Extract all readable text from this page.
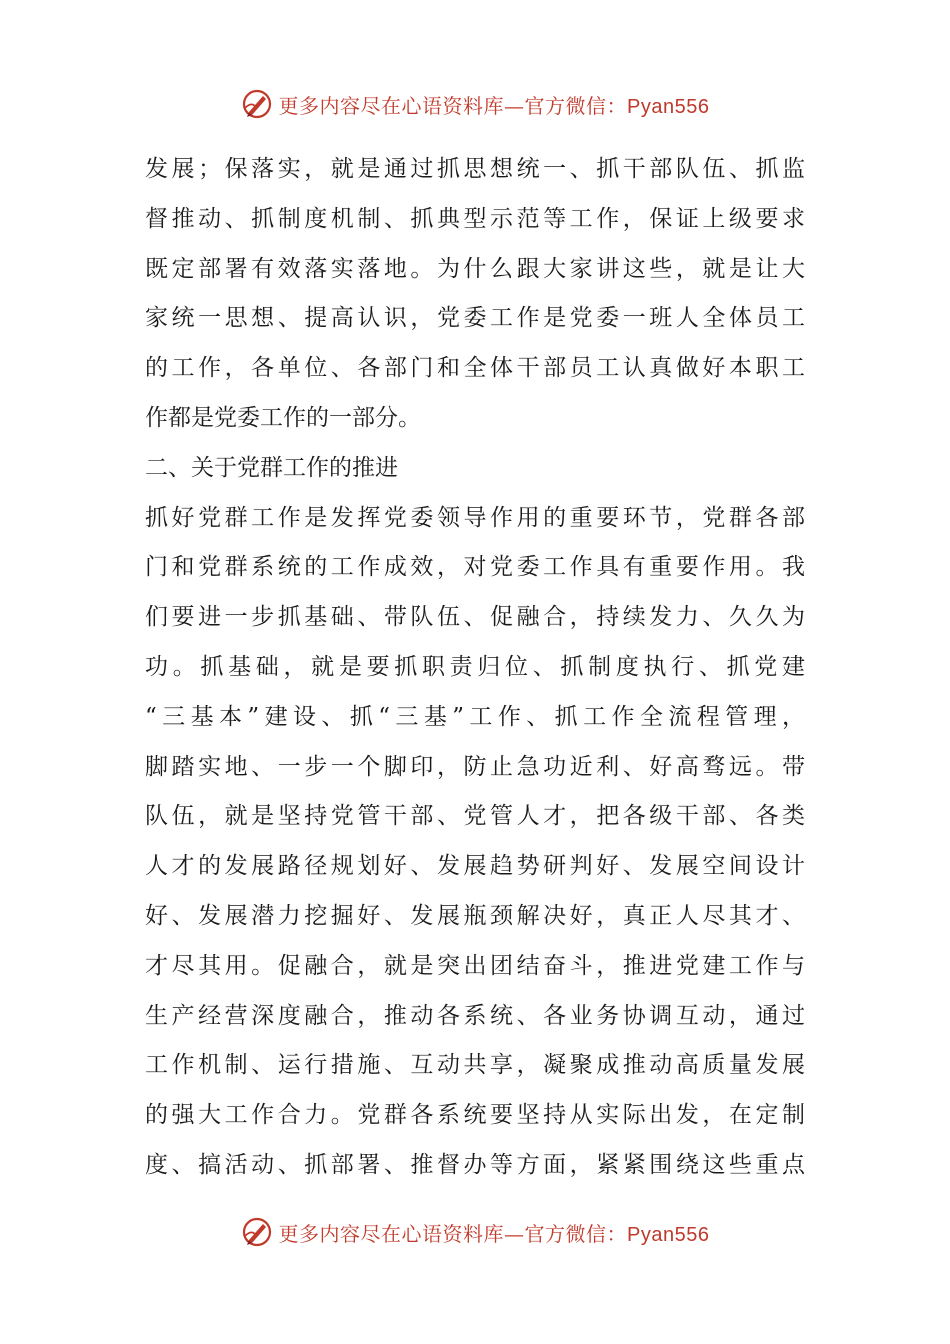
更多内容尽在心语资料库—官方微信：Pyan556
发展；保落实，就是通过抓思想统一、抓干部队伍、抓监
督推动、抓制度机制、抓典型示范等工作，保证上级要求
既定部署有效落实落地。为什么跟大家讲这些，就是让大
家统一思想、提高认识，党委工作是党委一班人全体员工
的工作，各单位、各部门和全体干部员工认真做好本职工
作都是党委工作的一部分。
二、关于党群工作的推进
抓好党群工作是发挥党委领导作用的重要环节，党群各部
门和党群系统的工作成效，对党委工作具有重要作用。我
们要进一步抓基础、带队伍、促融合，持续发力、久久为
功。抓基础，就是要抓职责归位、抓制度执行、抓党建
“三基本”建设、抓“三基”工作、抓工作全流程管理，
脚踏实地、一步一个脚印，防止急功近利、好高骛远。带
队伍，就是坚持党管干部、党管人才，把各级干部、各类
人才的发展路径规划好、发展趋势研判好、发展空间设计
好、发展潜力挖掘好、发展瓶颈解决好，真正人尽其才、
才尽其用。促融合，就是突出团结奋斗，推进党建工作与
生产经营深度融合，推动各系统、各业务协调互动，通过
工作机制、运行措施、互动共享，凝聚成推动高质量发展
的强大工作合力。党群各系统要坚持从实际出发，在定制
度、搞活动、抓部署、推督办等方面，紧紧围绕这些重点
更多内容尽在心语资料库—官方微信：Pyan556
